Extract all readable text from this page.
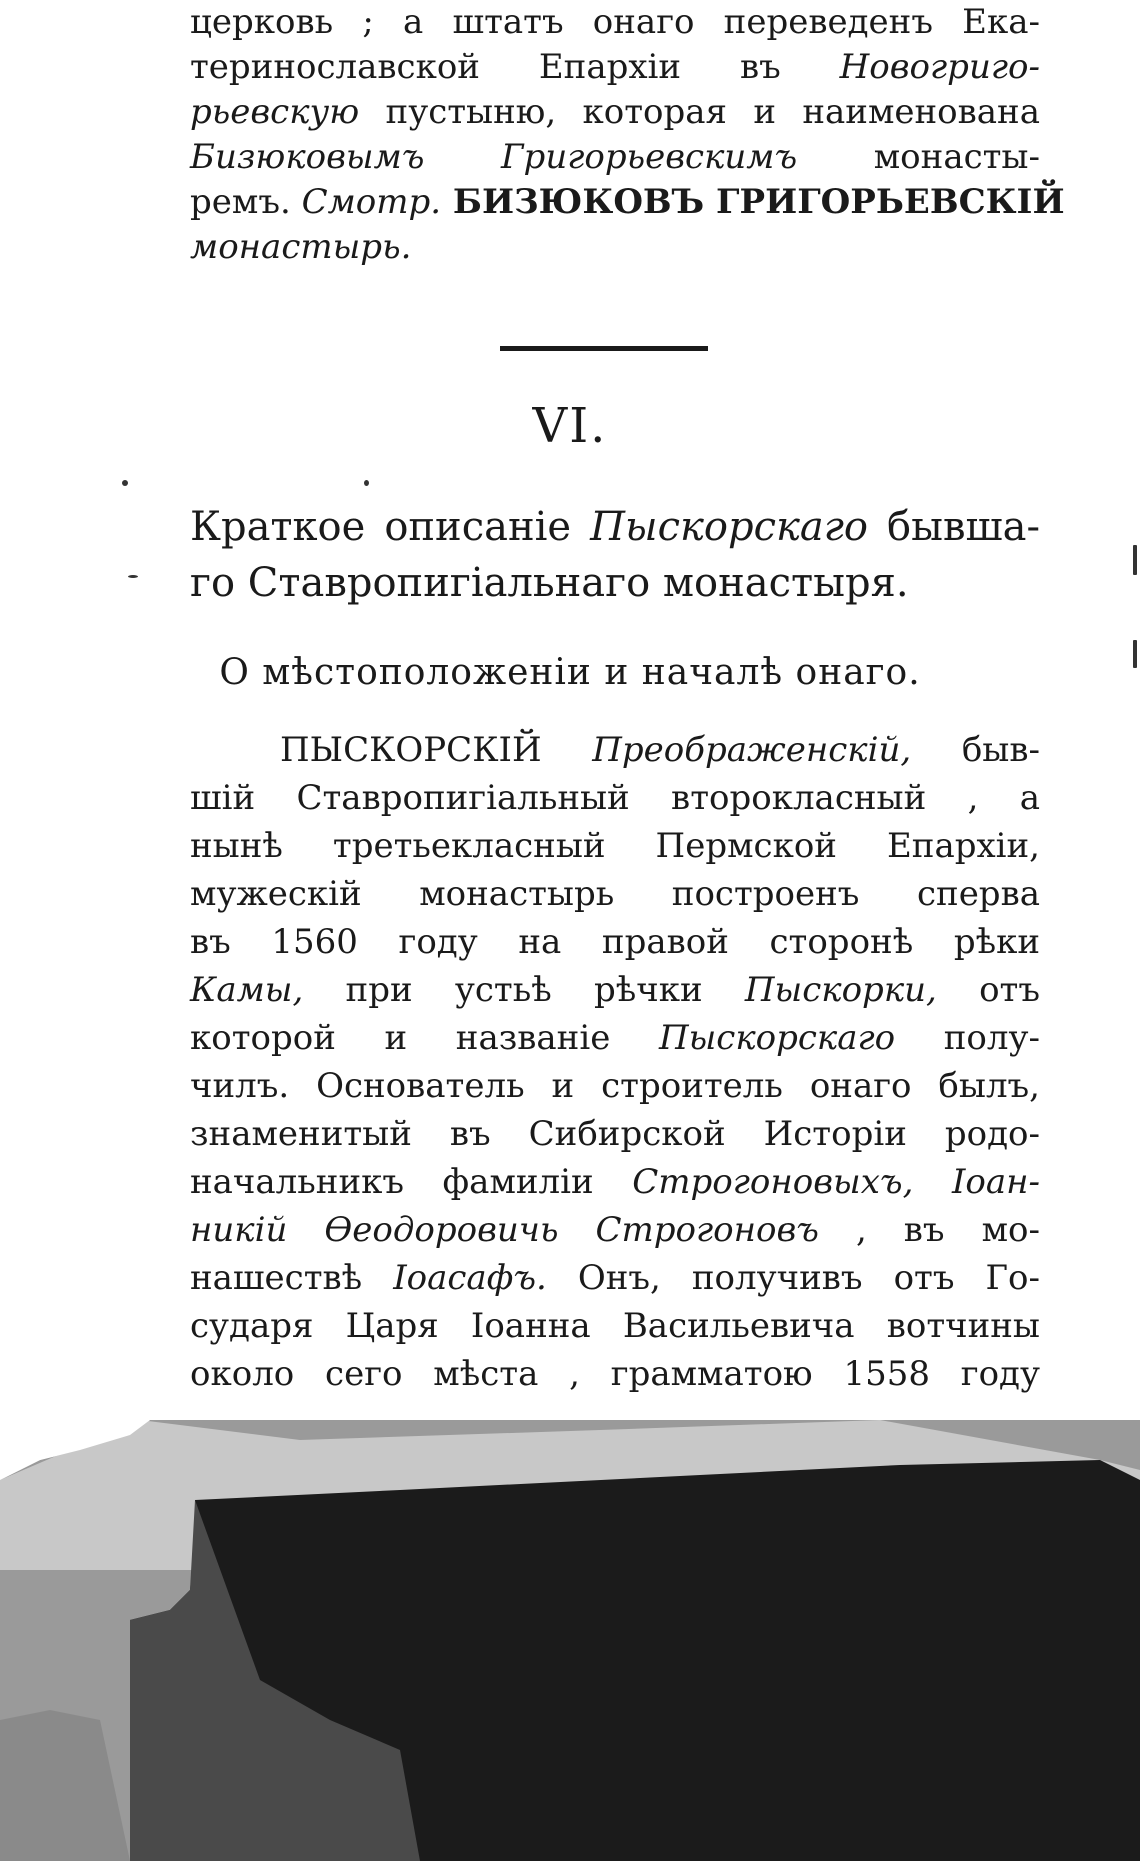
церковь ; а штатъ онаго переведенъ Ека-
теринославской Епархіи въ Новогриго-
рьевскую пустыню, которая и наименована
Бизюковымъ Григорьевскимъ монасты-
ремъ. Смотр. БИЗЮКОВЪ ГРИГОРЬЕВСКІЙ
монастырь.
VI.
Краткое описаніе Пыскорскаго бывша-
го Ставропигіальнаго монастыря.
О мѣстоположеніи и началѣ онаго.
ПЫСКОРСКІЙ Преображенскій, быв-
шій Ставропигіальный второкласный , а
нынѣ третьекласный Пермской Епархіи,
мужескій монастырь построенъ сперва
въ 1560 году на правой сторонѣ рѣки
Камы, при устьѣ рѣчки Пыскорки, отъ
которой и названіе Пыскорскаго полу-
чилъ. Основатель и строитель онаго былъ,
знаменитый въ Сибирской Исторіи родо-
начальникъ фамиліи Строгоновыхъ, Іоан-
никій Ѳеодоровичь Строгоновъ , въ мо-
нашествѣ Іоасафъ. Онъ, получивъ отъ Го-
сударя Царя Іоанна Васильевича вотчины
около сего мѣста , грамматою 1558 году
